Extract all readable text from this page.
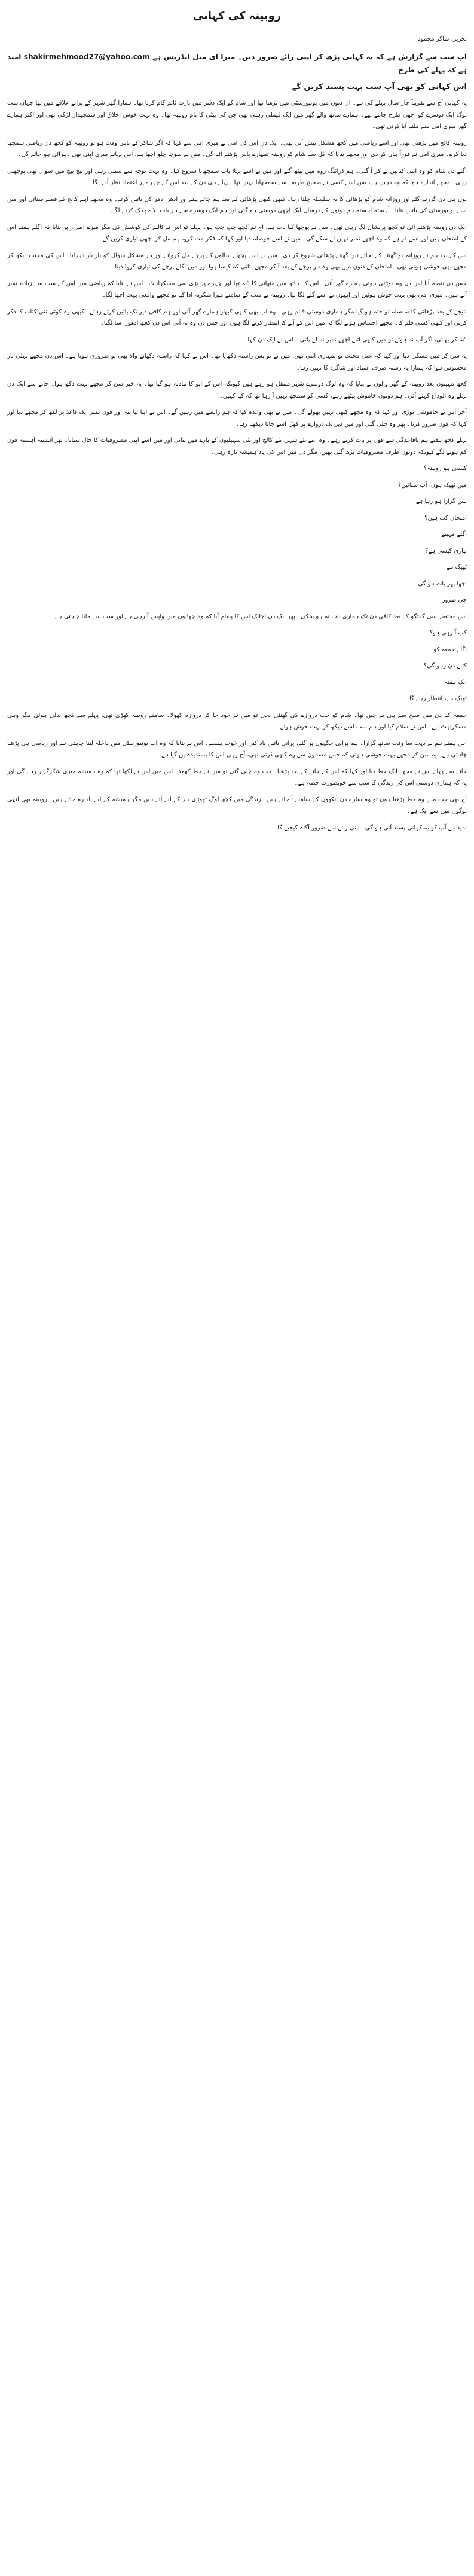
روبینہ کی کہانی

تحریر: شاکر محمود

آپ سب سے گزارش ہے کہ یہ کہانی پڑھ کر اپنی رائے ضرور دیں۔ میرا ای میل ایڈریس ہے shakirmehmood27@yahoo.com امید ہے کہ پہلے کی طرح

اس کہانی کو بھی آپ سب بہت پسند کریں گے

یہ کہانی آج سے تقریباً چار سال پہلے کی ہے۔ ان دنوں میں یونیورسٹی میں پڑھتا تھا اور شام کو ایک دفتر میں پارٹ ٹائم کام کرتا تھا۔ ہمارا گھر شہر کے پرانے علاقے میں تھا جہاں سب لوگ ایک دوسرے کو اچھی طرح جانتے تھے۔ ہمارے ساتھ والے گھر میں ایک فیملی رہتی تھی جن کی بیٹی کا نام روبینہ تھا۔ وہ بہت خوش اخلاق اور سمجھدار لڑکی تھی اور اکثر ہمارے گھر میری امی سے ملنے آیا کرتی تھی۔

روبینہ کالج میں پڑھتی تھی اور اسے ریاضی میں کچھ مشکل پیش آتی تھی۔ ایک دن اس کی امی نے میری امی سے کہا کہ اگر شاکر کے پاس وقت ہو تو روبینہ کو کچھ دن ریاضی سمجھا دیا کرے۔ میری امی نے فوراً ہاں کر دی اور مجھے بتایا کہ کل سے شام کو روبینہ تمہارے پاس پڑھنے آئے گی۔ میں نے سوچا چلو اچھا ہے، اس بہانے میری اپنی بھی دہرائی ہو جائے گی۔

اگلے دن شام کو وہ اپنی کتابیں لے کر آ گئی۔ ہم ڈرائنگ روم میں بیٹھ گئے اور میں نے اسے پہلا باب سمجھانا شروع کیا۔ وہ بہت توجہ سے سنتی رہی اور بیچ بیچ میں سوال بھی پوچھتی رہی۔ مجھے اندازہ ہوا کہ وہ ذہین ہے، بس اسے کسی نے صحیح طریقے سے سمجھایا نہیں تھا۔ پہلے ہی دن کے بعد اس کے چہرے پر اعتماد نظر آنے لگا۔

یوں ہی دن گزرتے گئے اور روزانہ شام کو پڑھائی کا یہ سلسلہ چلتا رہا۔ کبھی کبھی پڑھائی کے بعد ہم چائے پیتے اور ادھر ادھر کی باتیں کرتے۔ وہ مجھے اپنے کالج کے قصے سناتی اور میں اسے یونیورسٹی کی باتیں بتاتا۔ آہستہ آہستہ ہم دونوں کے درمیان ایک اچھی دوستی ہو گئی اور ہم ایک دوسرے سے ہر بات بلا جھجک کرنے لگے۔

ایک دن روبینہ پڑھنے آئی تو کچھ پریشان لگ رہی تھی۔ میں نے پوچھا کیا بات ہے، آج تم کچھ چپ چپ ہو۔ پہلے تو اس نے ٹالنے کی کوشش کی مگر میرے اصرار پر بتایا کہ اگلے ہفتے اس کے امتحان ہیں اور اسے ڈر ہے کہ وہ اچھے نمبر نہیں لے سکے گی۔ میں نے اسے حوصلہ دیا اور کہا کہ فکر مت کرو، ہم مل کر اچھی تیاری کریں گے۔

اس کے بعد ہم نے روزانہ دو گھنٹے کے بجائے تین گھنٹے پڑھائی شروع کر دی۔ میں نے اسے پچھلے سالوں کے پرچے حل کروائے اور ہر مشکل سوال کو بار بار دہرایا۔ اس کی محنت دیکھ کر مجھے بھی خوشی ہوتی تھی۔ امتحان کے دنوں میں بھی وہ ہر پرچے کے بعد آ کر مجھے بتاتی کہ کیسا ہوا اور میں اگلے پرچے کی تیاری کروا دیتا۔

جس دن نتیجہ آیا اس دن وہ دوڑتی ہوئی ہمارے گھر آئی۔ اس کے ہاتھ میں مٹھائی کا ڈبہ تھا اور چہرے پر بڑی سی مسکراہٹ۔ اس نے بتایا کہ ریاضی میں اس کے سب سے زیادہ نمبر آئے ہیں۔ میری امی بھی بہت خوش ہوئیں اور انہوں نے اسے گلے لگا لیا۔ روبینہ نے سب کے سامنے میرا شکریہ ادا کیا تو مجھے واقعی بہت اچھا لگا۔

نتیجے کے بعد پڑھائی کا سلسلہ تو ختم ہو گیا مگر ہماری دوستی قائم رہی۔ وہ اب بھی کبھی کبھار ہمارے گھر آتی اور ہم کافی دیر تک باتیں کرتے رہتے۔ کبھی وہ کوئی نئی کتاب کا ذکر کرتی اور کبھی کسی فلم کا۔ مجھے احساس ہونے لگا کہ میں اس کے آنے کا انتظار کرنے لگا ہوں اور جس دن وہ نہ آتی اس دن کچھ ادھورا سا لگتا۔

"شاکر بھائی، اگر آپ نہ ہوتے تو میں کبھی اتنے اچھے نمبر نہ لے پاتی"، اس نے ایک دن کہا۔

یہ سن کر میں مسکرا دیا اور کہا کہ اصل محنت تو تمہاری اپنی تھی، میں نے تو بس راستہ دکھایا تھا۔ اس نے کہا کہ راستہ دکھانے والا بھی تو ضروری ہوتا ہے۔ اس دن مجھے پہلی بار محسوس ہوا کہ ہمارا یہ رشتہ صرف استاد اور شاگرد کا نہیں رہا۔

کچھ مہینوں بعد روبینہ کے گھر والوں نے بتایا کہ وہ لوگ دوسرے شہر منتقل ہو رہے ہیں کیونکہ اس کے ابو کا تبادلہ ہو گیا تھا۔ یہ خبر سن کر مجھے بہت دکھ ہوا۔ جانے سے ایک دن پہلے وہ الوداع کہنے آئی۔ ہم دونوں خاموش بیٹھے رہے، کسی کو سمجھ نہیں آ رہا تھا کہ کیا کہیں۔

آخر اس نے خاموشی توڑی اور کہا کہ وہ مجھے کبھی نہیں بھولے گی۔ میں نے بھی وعدہ کیا کہ ہم رابطے میں رہیں گے۔ اس نے اپنا نیا پتہ اور فون نمبر ایک کاغذ پر لکھ کر مجھے دیا اور کہا کہ فون ضرور کرنا۔ پھر وہ چلی گئی اور میں دیر تک دروازے پر کھڑا اسے جاتا دیکھتا رہا۔

پہلے کچھ ہفتے ہم باقاعدگی سے فون پر بات کرتے رہے۔ وہ اپنے نئے شہر، نئے کالج اور نئی سہیلیوں کے بارے میں بتاتی اور میں اسے اپنی مصروفیات کا حال سناتا۔ پھر آہستہ آہستہ فون کم ہونے لگے کیونکہ دونوں طرف مصروفیات بڑھ گئی تھیں، مگر دل میں اس کی یاد ہمیشہ تازہ رہی۔

کیسی ہو روبینہ؟

میں ٹھیک ہوں، آپ سنائیں؟

بس گزارا ہو رہا ہے

امتحان کب ہیں؟

اگلے مہینے

تیاری کیسی ہے؟

ٹھیک ہے

اچھا پھر بات ہو گی

جی ضرور

اس مختصر سی گفتگو کے بعد کافی دن تک ہماری بات نہ ہو سکی۔ پھر ایک دن اچانک اس کا پیغام آیا کہ وہ چھٹیوں میں واپس آ رہی ہے اور سب سے ملنا چاہتی ہے۔

کب آ رہی ہو؟

اگلے جمعہ کو

کتنے دن رہو گی؟

ایک ہفتہ

ٹھیک ہے، انتظار رہے گا

جمعہ کے دن میں صبح سے ہی بے چین تھا۔ شام کو جب دروازے کی گھنٹی بجی تو میں نے خود جا کر دروازہ کھولا۔ سامنے روبینہ کھڑی تھی، پہلے سے کچھ بدلی ہوئی مگر وہی مسکراہٹ لیے۔ اس نے سلام کیا اور ہم سب اسے دیکھ کر بہت خوش ہوئے۔

اس ہفتے ہم نے بہت سا وقت ساتھ گزارا۔ ہم پرانی جگہوں پر گئے، پرانی باتیں یاد کیں اور خوب ہنسے۔ اس نے بتایا کہ وہ اب یونیورسٹی میں داخلہ لینا چاہتی ہے اور ریاضی ہی پڑھنا چاہتی ہے۔ یہ سن کر مجھے بہت خوشی ہوئی کہ جس مضمون سے وہ کبھی ڈرتی تھی، آج وہی اس کا پسندیدہ بن گیا ہے۔

جانے سے پہلے اس نے مجھے ایک خط دیا اور کہا کہ اس کے جانے کے بعد پڑھنا۔ جب وہ چلی گئی تو میں نے خط کھولا۔ اس میں اس نے لکھا تھا کہ وہ ہمیشہ میری شکرگزار رہے گی اور یہ کہ ہماری دوستی اس کی زندگی کا سب سے خوبصورت حصہ ہے۔

آج بھی جب میں وہ خط پڑھتا ہوں تو وہ سارے دن آنکھوں کے سامنے آ جاتے ہیں۔ زندگی میں کچھ لوگ تھوڑی دیر کے لیے آتے ہیں مگر ہمیشہ کے لیے یاد رہ جاتے ہیں۔ روبینہ بھی انہی لوگوں میں سے ایک ہے۔

امید ہے آپ کو یہ کہانی پسند آئی ہو گی۔ اپنی رائے سے ضرور آگاہ کیجیے گا۔
